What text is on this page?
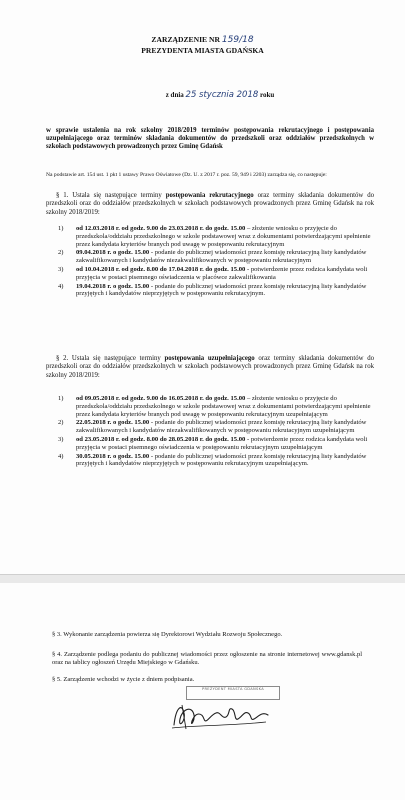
ZARZĄDZENIE NR 159/18
PREZYDENTA MIASTA GDAŃSKA
z dnia 25 stycznia 2018 roku
w sprawie ustalenia na rok szkolny 2018/2019 terminów postępowania rekrutacyjnego i postępowania uzupełniającego oraz terminów składania dokumentów do przedszkoli oraz oddziałów przedszkolnych w szkołach podstawowych prowadzonych przez Gminę Gdańsk
Na podstawie art. 154 ust. 1 pkt 1 ustawy Prawo Oświatowe (Dz. U. z 2017 r. poz. 59, 949 i 2203) zarządza się, co następuje:
§ 1. Ustala się następujące terminy postępowania rekrutacyjnego oraz terminy składania dokumentów do przedszkoli oraz do oddziałów przedszkolnych w szkołach podstawowych prowadzonych przez Gminę Gdańsk na rok szkolny 2018/2019:
1) od 12.03.2018 r. od godz. 9.00 do 23.03.2018 r. do godz. 15.00 – złożenie wniosku o przyjęcie do przedszkola/oddziału przedszkolnego w szkole podstawowej wraz z dokumentami potwierdzającymi spełnienie przez kandydata kryteriów branych pod uwagę w postępowaniu rekrutacyjnym
2) 09.04.2018 r. o godz. 15.00 - podanie do publicznej wiadomości przez komisję rekrutacyjną listy kandydatów zakwalifikowanych i kandydatów niezakwalifikowanych w postępowaniu rekrutacyjnym
3) od 10.04.2018 r. od godz. 8.00 do 17.04.2018 r. do godz. 15.00 - potwierdzenie przez rodzica kandydata woli przyjęcia w postaci pisemnego oświadczenia w placówce zakwalifikowania
4) 19.04.2018 r. o godz. 15.00 - podanie do publicznej wiadomości przez komisję rekrutacyjną listy kandydatów przyjętych i kandydatów nieprzyjętych w postępowaniu rekrutacyjnym.
§ 2. Ustala się następujące terminy postępowania uzupełniającego oraz terminy składania dokumentów do przedszkoli oraz do oddziałów przedszkolnych w szkołach podstawowych prowadzonych przez Gminę Gdańsk na rok szkolny 2018/2019:
1) od 09.05.2018 r. od godz. 9.00 do 16.05.2018 r. do godz. 15.00 – złożenie wniosku o przyjęcie do przedszkola/oddziału przedszkolnego w szkole podstawowej wraz z dokumentami potwierdzającymi spełnienie przez kandydata kryteriów branych pod uwagę w postępowaniu rekrutacyjnym uzupełniającym
2) 22.05.2018 r. o godz. 15.00 - podanie do publicznej wiadomości przez komisję rekrutacyjną listy kandydatów zakwalifikowanych i kandydatów niezakwalifikowanych w postępowaniu rekrutacyjnym uzupełniającym
3) od 23.05.2018 r. od godz. 8.00 do 28.05.2018 r. do godz. 15.00 - potwierdzenie przez rodzica kandydata woli przyjęcia w postaci pisemnego oświadczenia w postępowaniu rekrutacyjnym uzupełniającym
4) 30.05.2018 r. o godz. 15.00 - podanie do publicznej wiadomości przez komisję rekrutacyjną listy kandydatów przyjętych i kandydatów nieprzyjętych w postępowaniu rekrutacyjnym uzupełniającym.
§ 3. Wykonanie zarządzenia powierza się Dyrektorowi Wydziału Rozwoju Społecznego.
§ 4. Zarządzenie podlega podaniu do publicznej wiadomości przez ogłoszenie na stronie internetowej www.gdansk.pl oraz na tablicy ogłoszeń Urzędu Miejskiego w Gdańsku.
§ 5. Zarządzenie wchodzi w życie z dniem podpisania.
PREZYDENT MIASTA GDAŃSKA
